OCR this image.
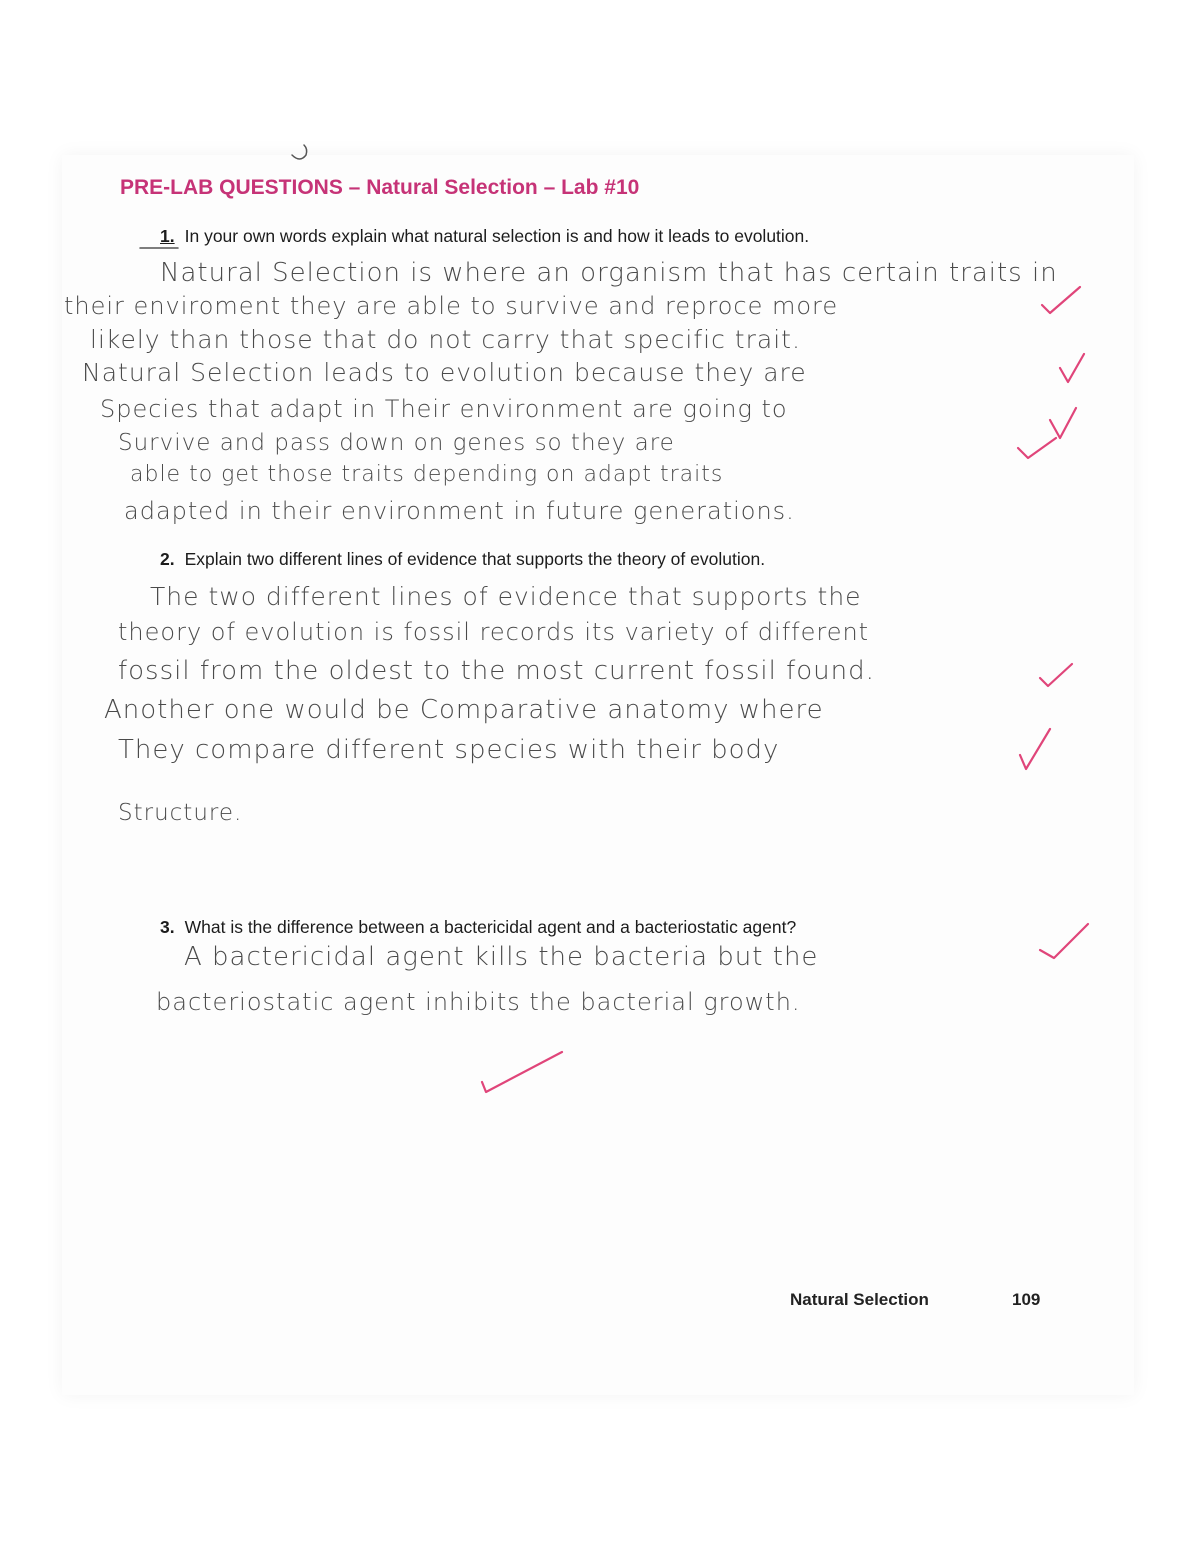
PRE-LAB QUESTIONS – Natural Selection – Lab #10
1. In your own words explain what natural selection is and how it leads to evolution.
Natural Selection is where an organism that has certain traits in
their enviroment they are able to survive and reproce more
likely than those that do not carry that specific trait.
Natural Selection leads to evolution because they are
Species that adapt in Their environment are going to
Survive and pass down on genes so they are
able to get those traits depending on adapt traits
adapted in their environment in future generations.
2. Explain two different lines of evidence that supports the theory of evolution.
The two different lines of evidence that supports the
theory of evolution is fossil records its variety of different
fossil from the oldest to the most current fossil found.
Another one would be Comparative anatomy where
They compare different species with their body
Structure.
3. What is the difference between a bactericidal agent and a bacteriostatic agent?
A bactericidal agent kills the bacteria but the
bacteriostatic agent inhibits the bacterial growth.
Natural Selection	109
